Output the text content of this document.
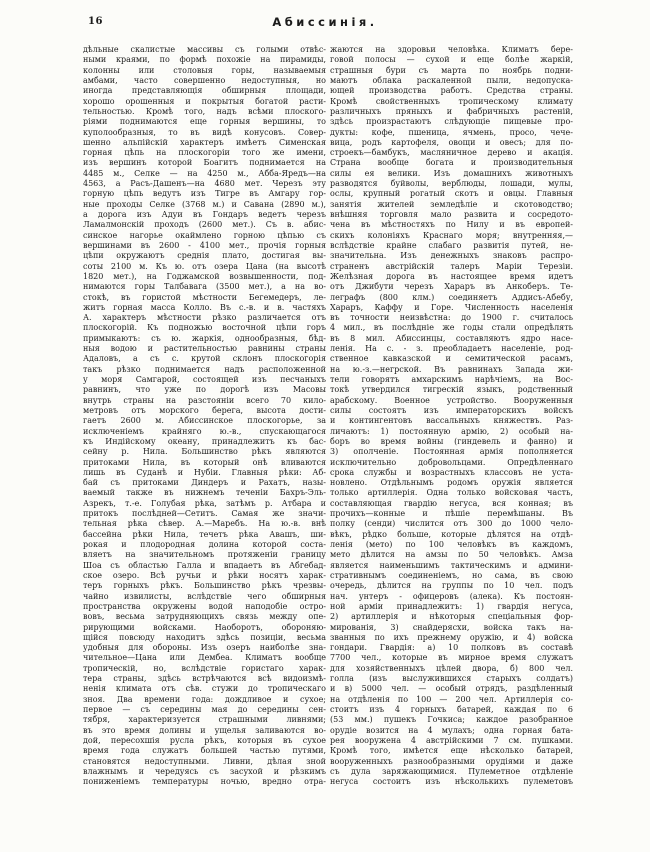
16	Абиссинія.
дѣльные скалистые массивы съ голыми отвѣс-
ными краями, по формѣ похожіе на пирамиды,
колонны или столовыя горы, называемыя
амбами, часто совершенно недоступныя, но
иногда представляющія обширныя площади,
хорошо орошенныя и покрытыя богатой расти-
тельностью. Кромѣ того, надъ всѣми плоского-
ріями поднимаются еще горныя вершины, то
куполообразныя, то въ видѣ конусовъ. Совер-
шенно альпійскій характеръ имѣетъ Сименская
горная цѣпь на плоскогоріи того же имени,
изъ вершинъ которой Боагитъ поднимается на
4485 м., Селке — на 4250 м., Абба-Яредъ—на
4563, а Расъ-Дашенъ—на 4680 мет. Черезъ эту
горную цѣпь ведутъ изъ Тигре въ Амгару гор-
ные проходы Селке (3768 м.) и Савана (2890 м.),
а дорога изъ Адуи въ Гондаръ ведетъ черезъ
Ламалмонскій проходъ (2600 мет.). Съ в. абис-
синское нагорье окаймлено горною цѣпью съ
вершинами въ 2600 - 4100 мет., прочія горныя
цѣпи окружаютъ среднія плато, достигая вы-
соты 2100 м. Къ ю. отъ озера Цана (на высотѣ
1820 мет.), на Годжамской возвышенности, под-
нимаются горы Талбавага (3500 мет.), а на во-
стокѣ, въ гористой мѣстности Бегемедеръ, ле-
житъ горная масса Колло. Въ с.-в. и в. частяхъ
А. характеръ мѣстности рѣзко различается отъ
плоскогорій. Къ подножью восточной цѣпи горъ
примыкаютъ: съ ю. жаркія, однообразныя, бѣд-
ныя водою и растительностью равнины страны
Адаловъ, а съ с. крутой склонъ плоскогорія
такъ рѣзко поднимается надъ расположенной
у моря Самгарой, состоящей изъ песчаныхъ
равнинъ, что уже по дорогѣ изъ Масовы
внутрь страны на разстояніи всего 70 кило-
метровъ отъ морского берега, высота дости-
гаетъ 2600 м. Абиссинское плоскогорье, за
исключеніемъ крайняго ю.-в., спускающагося
къ Индійскому океану, принадлежитъ къ бас-
сейну р. Нила. Большинство рѣкъ являются
притоками Нила, въ который онѣ вливаются
лишь въ Суданѣ и Нубіи. Главныя рѣки: Аб-
бай съ притоками Диндеръ и Рахатъ, назы-
ваемый также въ нижнемъ теченіи Бахръ-Эль-
Азрекъ, т.-е. Голубая рѣка, затѣмъ р. Атбара и
притокъ послѣдней—Сетитъ. Самая же значи-
тельная рѣка сѣвер. А.—Маребъ. На ю.-в. внѣ
бассейна рѣки Нила, течетъ рѣка Авашъ, ши-
рокая и плодородная долина которой соста-
вляетъ на значительномъ протяженіи границу
Шоа съ областью Галла и впадаетъ въ Абгебад-
ское озеро. Всѣ ручьи и рѣки носятъ харак-
теръ горныхъ рѣкъ. Большинство рѣкъ чрезвы-
чайно извилисты, вслѣдствіе чего обширныя
пространства окружены водой наподобіе остро-
вовъ, весьма затрудняющихъ связь между опе-
рирующими войсками. Наоборотъ, обороняю-
щійся повсюду находитъ здѣсь позиціи, весьма
удобныя для обороны. Изъ озеръ наиболѣе зна-
чительное—Цана или Дембеа. Климатъ вообще
тропическій, но, вслѣдствіе гористаго харак-
тера страны, здѣсь встрѣчаются всѣ видоизмѣ-
ненія климата отъ сѣв. стужи до тропическаго
зноя. Два времени года: дождливое и сухое;
первое — съ середины мая до середины сен-
тября, характеризуется страшными ливнями;
въ это время долины и ущелья заливаются во-
дой, пересохшія русла рѣкъ, которыя въ сухое
время года служатъ большей частью путями,
становятся недоступными. Ливни, дѣлая зной
влажнымъ и чередуясь съ засухой и рѣзкимъ
пониженіемъ температуры ночью, вредно отра-
жаются на здоровьи человѣка. Климатъ бере-
говой полосы — сухой и еще болѣе жаркій,
страшныя бури съ марта по ноябрь подни-
маютъ облака раскаленной пыли, недопуска-
ющей производства работъ. Средства страны.
Кромѣ свойственныхъ тропическому климату
различныхъ пряныхъ и фабричныхъ растеній,
здѣсь произрастаютъ слѣдующіе пищевые про-
дукты: кофе, пшеница, ячмень, просо, чече-
вица, родъ картофеля, овощи и овесъ; для по-
строекъ—бамбукъ, масляничное дерево и акація.
Страна вообще богата и производительныя
силы ея велики. Изъ домашнихъ животныхъ
разводятся буйволы, верблюды, лошади, мулы,
ослы, крупный рогатый скотъ и овцы. Главныя
занятія жителей земледѣліе и скотоводство;
внѣшняя торговля мало развита и сосредото-
чена въ мѣстностяхъ по Нилу и въ европей-
скихъ колоніяхъ Краснаго моря; внутренняя,—
вслѣдствіе крайне слабаго развитія путей, не-
значительна. Изъ денежныхъ знаковъ распро-
страненъ австрійскій талеръ Маріи Терезіи.
Желѣзная дорога въ настоящее время идетъ
отъ Джибути черезъ Хараръ въ Анкоберъ. Те-
леграфъ (800 клм.) соединяетъ Аддисъ-Абебу,
Хараръ, Каффу и Горе. Численность населенія
въ точности неизвѣстна: до 1900 г. считалось
4 мил., въ послѣдніе же годы стали опредѣлять
въ 8 мил. Абиссинцы, составляютъ ядро насе-
ленія. На с. - з. преобладаетъ населеніе, род-
ственное кавказской и семитической расамъ,
на ю.-з.—негрской. Въ равнинахъ Запада жи-
тели говорятъ амхарскимъ нарѣчіемъ, на Вос-
токѣ утвердился тигрескій языкъ, родственный
арабскому. Военное устройство. Вооруженныя
силы состоятъ изъ императорскихъ войскъ
и контингентовъ вассальныхъ княжествъ. Раз-
личаютъ: 1) постоянную армію, 2) особый на-
боръ во время войны (гиндевель и фанно) и
3) ополченіе. Постоянная армія пополняется
исключительно добровольцами. Опредѣленнаго
срока службы и возрастныхъ классовъ не уста-
новлено. Отдѣльнымъ родомъ оружія является
только артиллерія. Одна только войсковая часть,
составляющая гвардію негуса, вся конная; въ
прочихъ—конные и пѣшіе перемѣшаны. Въ
полку (сенди) числится отъ 300 до 1000 чело-
вѣкъ, рѣдко больше, которые дѣлятся на отдѣ-
ленія (мето) по 100 человѣкъ въ каждомъ,
мето дѣлится на амзы по 50 человѣкъ. Амза
является наименьшимъ тактическимъ и админи-
стративнымъ соединеніемъ, но сама, въ свою
очередь, дѣлится на группы по 10 чел. подъ
нач. унтеръ - офицеровъ (алека). Къ постоян-
ной арміи принадлежитъ: 1) гвардія негуса,
2) артиллерія и нѣкоторыя спеціальныя фор-
мированія, 3) снайдерясхи, войска такъ на-
званныя по ихъ прежнему оружію, и 4) войска
гондари. Гвардія: а) 10 полковъ въ составѣ
7700 чел., которые въ мирное время служатъ
для хозяйственныхъ цѣлей двора, б) 800 чел.
голла (изъ выслужившихся старыхъ солдатъ)
и в) 5000 чел. — особый отрядъ, раздѣленный
на отдѣленія по 100 — 200 чел. Артиллерія со-
стоитъ изъ 4 горныхъ батарей, каждая по 6
(53 мм.) пушекъ Гочкиса; каждое разобранное
орудіе возится на 4 мулахъ; одна горная бата-
рея вооружена 4 австрійскими 7 см. пушками.
Кромѣ того, имѣется еще нѣсколько батарей,
вооруженныхъ разнообразными орудіями и даже
съ дула заряжающимися. Пулеметное отдѣленіе
негуса состоитъ изъ нѣсколькихъ пулеметовъ
